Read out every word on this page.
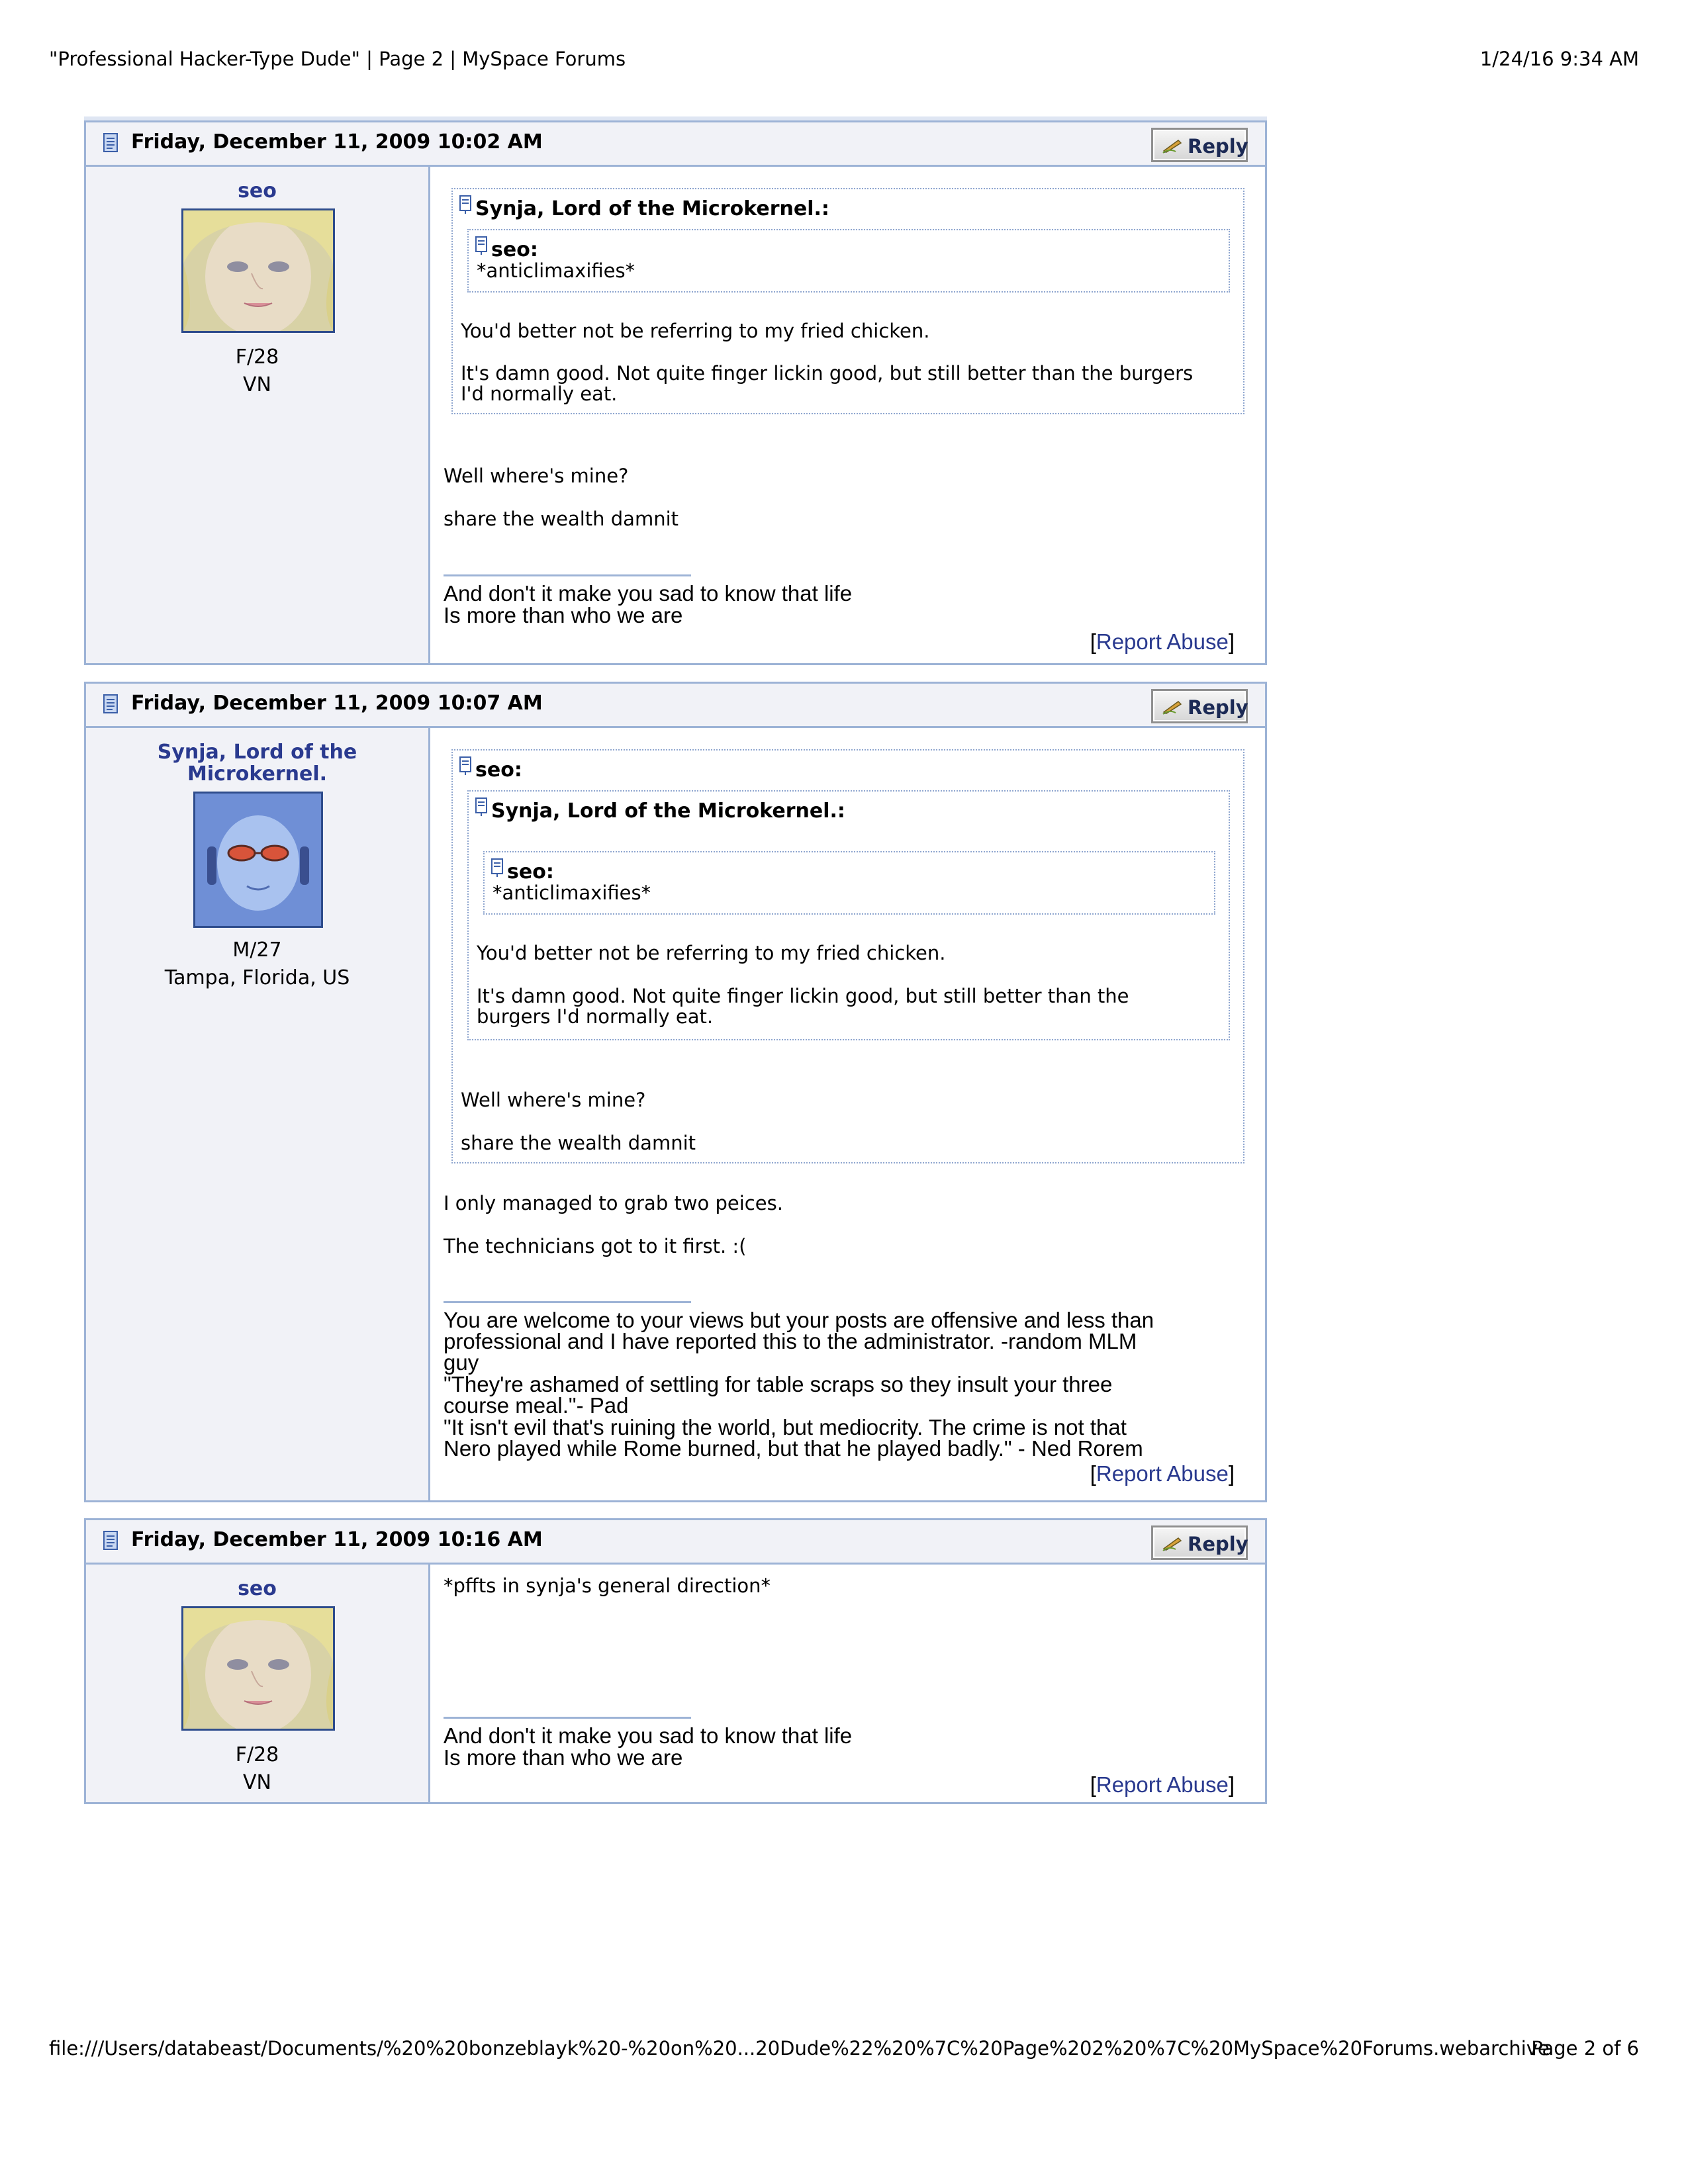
"Professional Hacker-Type Dude" | Page 2 | MySpace Forums	1/24/16 9:34 AM
Friday, December 11, 2009 10:02 AM	Reply
seo
F/28
VN
Synja, Lord of the Microkernel.:
seo:
*anticlimaxifies*
You'd better not be referring to my fried chicken.
It's damn good. Not quite finger lickin good, but still better than the burgers
I'd normally eat.
Well where's mine?
share the wealth damnit
And don't it make you sad to know that life
Is more than who we are
[Report Abuse]
Friday, December 11, 2009 10:07 AM	Reply
Synja, Lord of the
Microkernel.
M/27
Tampa, Florida, US
seo:
Synja, Lord of the Microkernel.:
seo:
*anticlimaxifies*
You'd better not be referring to my fried chicken.
It's damn good. Not quite finger lickin good, but still better than the
burgers I'd normally eat.
Well where's mine?
share the wealth damnit
I only managed to grab two peices.
The technicians got to it first. :(
You are welcome to your views but your posts are offensive and less than
professional and I have reported this to the administrator. -random MLM
guy
"They're ashamed of settling for table scraps so they insult your three
course meal."- Pad
"It isn't evil that's ruining the world, but mediocrity. The crime is not that
Nero played while Rome burned, but that he played badly." - Ned Rorem
[Report Abuse]
Friday, December 11, 2009 10:16 AM	Reply
seo
F/28
VN
*pffts in synja's general direction*
And don't it make you sad to know that life
Is more than who we are
[Report Abuse]
file:///Users/databeast/Documents/%20%20bonzeblayk%20-%20on%20...20Dude%22%20%7C%20Page%202%20%7C%20MySpace%20Forums.webarchive
Page 2 of 6
